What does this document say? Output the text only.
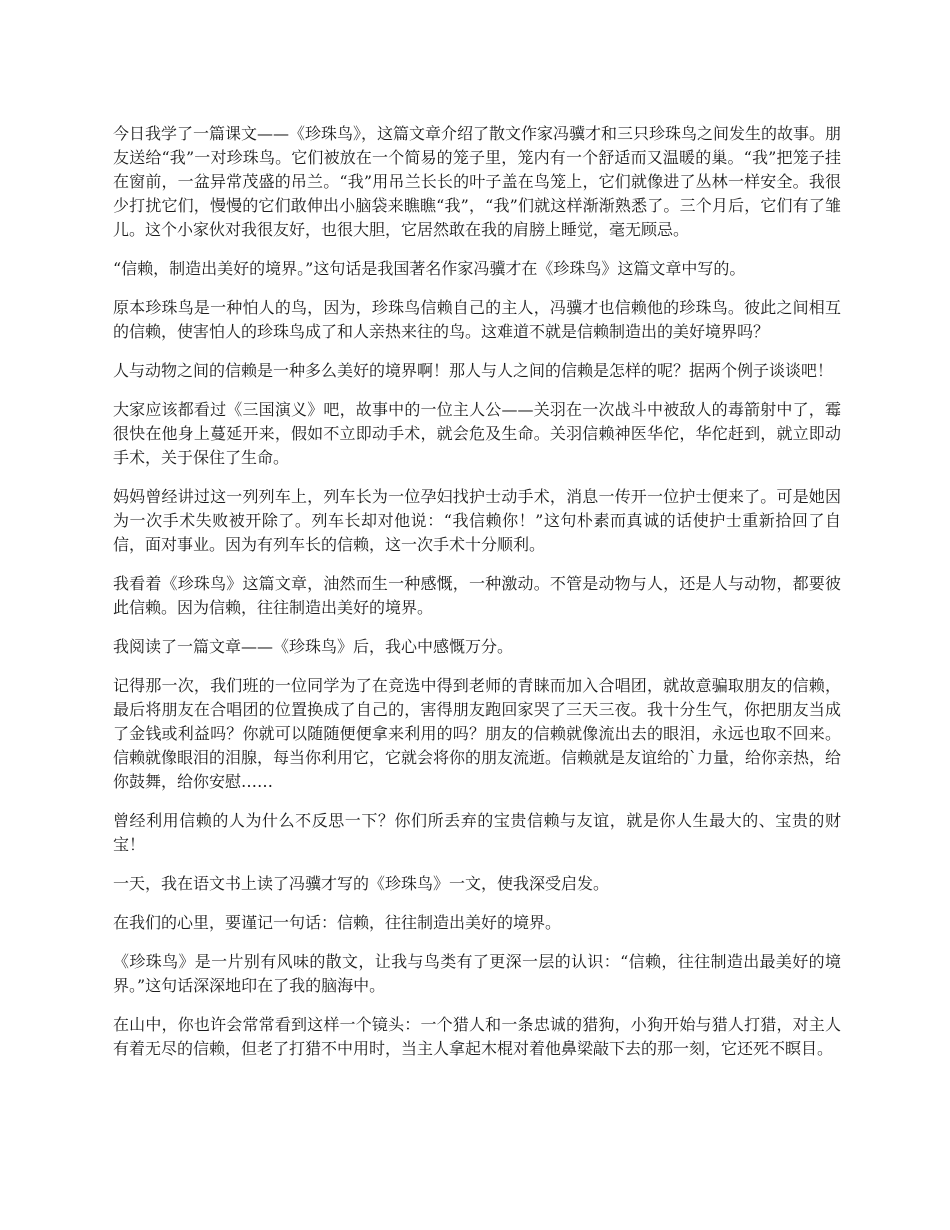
今日我学了一篇课文——《珍珠鸟》，这篇文章介绍了散文作家冯骥才和三只珍珠鸟之间发生的故事。朋友送给“我”一对珍珠鸟。它们被放在一个简易的笼子里，笼内有一个舒适而又温暖的巢。“我”把笼子挂在窗前，一盆异常茂盛的吊兰。“我”用吊兰长长的叶子盖在鸟笼上，它们就像进了丛林一样安全。我很少打扰它们，慢慢的它们敢伸出小脑袋来瞧瞧“我”，“我”们就这样渐渐熟悉了。三个月后，它们有了雏儿。这个小家伙对我很友好，也很大胆，它居然敢在我的肩膀上睡觉，毫无顾忌。

“信赖，制造出美好的境界。”这句话是我国著名作家冯骥才在《珍珠鸟》这篇文章中写的。

原本珍珠鸟是一种怕人的鸟，因为，珍珠鸟信赖自己的主人，冯骥才也信赖他的珍珠鸟。彼此之间相互的信赖，使害怕人的珍珠鸟成了和人亲热来往的鸟。这难道不就是信赖制造出的美好境界吗？

人与动物之间的信赖是一种多么美好的境界啊！那人与人之间的信赖是怎样的呢？据两个例子谈谈吧！

大家应该都看过《三国演义》吧，故事中的一位主人公——关羽在一次战斗中被敌人的毒箭射中了，霉很快在他身上蔓延开来，假如不立即动手术，就会危及生命。关羽信赖神医华佗，华佗赶到，就立即动手术，关于保住了生命。

妈妈曾经讲过这一列列车上，列车长为一位孕妇找护士动手术，消息一传开一位护士便来了。可是她因为一次手术失败被开除了。列车长却对他说：“我信赖你！”这句朴素而真诚的话使护士重新拾回了自信，面对事业。因为有列车长的信赖，这一次手术十分顺利。

我看着《珍珠鸟》这篇文章，油然而生一种感慨，一种激动。不管是动物与人，还是人与动物，都要彼此信赖。因为信赖，往往制造出美好的境界。

我阅读了一篇文章——《珍珠鸟》后，我心中感慨万分。

记得那一次，我们班的一位同学为了在竞选中得到老师的青睐而加入合唱团，就故意骗取朋友的信赖，最后将朋友在合唱团的位置换成了自己的，害得朋友跑回家哭了三天三夜。我十分生气，你把朋友当成了金钱或利益吗？你就可以随随便便拿来利用的吗？朋友的信赖就像流出去的眼泪，永远也取不回来。信赖就像眼泪的泪腺，每当你利用它，它就会将你的朋友流逝。信赖就是友谊给的`力量，给你亲热，给你鼓舞，给你安慰……

曾经利用信赖的人为什么不反思一下？你们所丢弃的宝贵信赖与友谊，就是你人生最大的、宝贵的财宝！

一天，我在语文书上读了冯骥才写的《珍珠鸟》一文，使我深受启发。

在我们的心里，要谨记一句话：信赖，往往制造出美好的境界。

《珍珠鸟》是一片别有风味的散文，让我与鸟类有了更深一层的认识：“信赖，往往制造出最美好的境界。”这句话深深地印在了我的脑海中。

在山中，你也许会常常看到这样一个镜头：一个猎人和一条忠诚的猎狗，小狗开始与猎人打猎，对主人有着无尽的信赖，但老了打猎不中用时，当主人拿起木棍对着他鼻梁敲下去的那一刻，它还死不瞑目。
